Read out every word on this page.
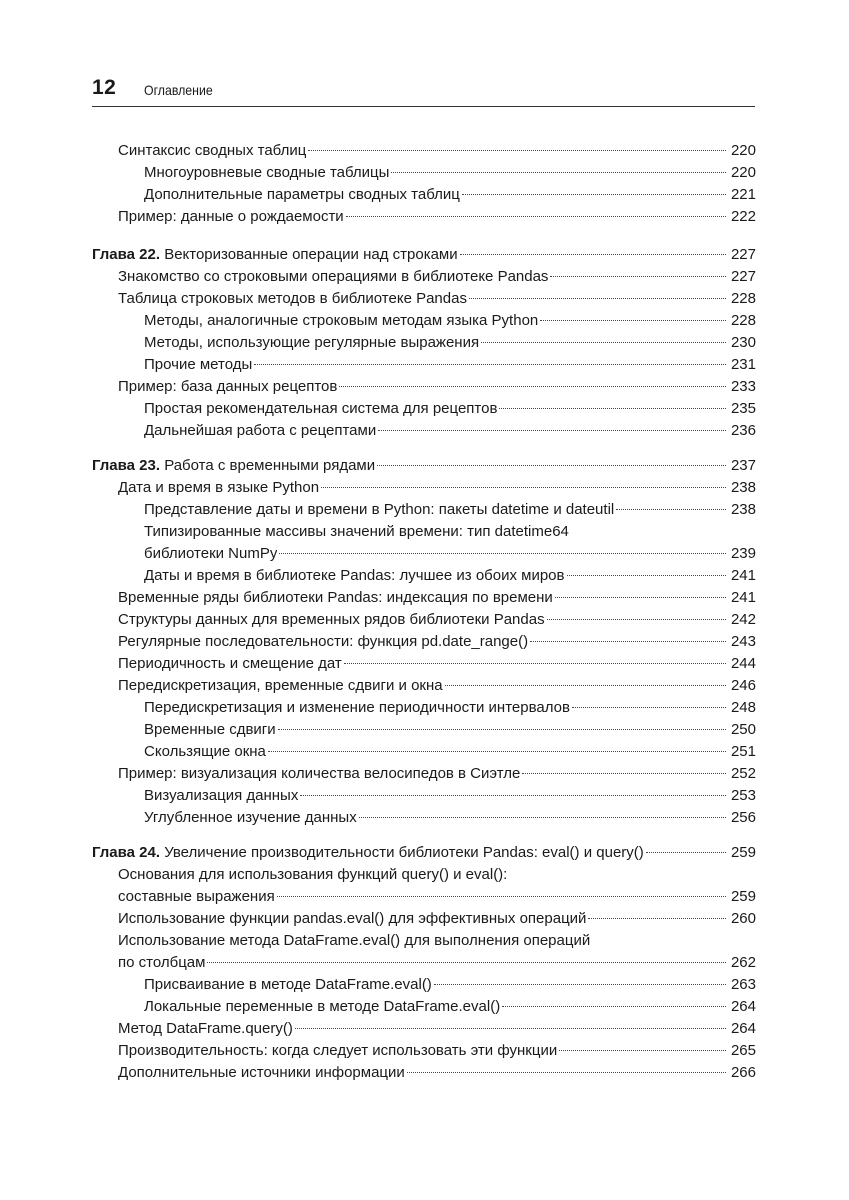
12 Оглавление
Синтаксис сводных таблиц	220
Многоуровневые сводные таблицы	220
Дополнительные параметры сводных таблиц	221
Пример: данные о рождаемости	222
Глава 22. Векторизованные операции над строками	227
Знакомство со строковыми операциями в библиотеке Pandas	227
Таблица строковых методов в библиотеке Pandas	228
Методы, аналогичные строковым методам языка Python	228
Методы, использующие регулярные выражения	230
Прочие методы	231
Пример: база данных рецептов	233
Простая рекомендательная система для рецептов	235
Дальнейшая работа с рецептами	236
Глава 23. Работа с временными рядами	237
Дата и время в языке Python	238
Представление даты и времени в Python: пакеты datetime и dateutil	238
Типизированные массивы значений времени: тип datetime64
библиотеки NumPy	239
Даты и время в библиотеке Pandas: лучшее из обоих миров	241
Временные ряды библиотеки Pandas: индексация по времени	241
Структуры данных для временных рядов библиотеки Pandas	242
Регулярные последовательности: функция pd.date_range()	243
Периодичность и смещение дат	244
Передискретизация, временные сдвиги и окна	246
Передискретизация и изменение периодичности интервалов	248
Временные сдвиги	250
Скользящие окна	251
Пример: визуализация количества велосипедов в Сиэтле	252
Визуализация данных	253
Углубленное изучение данных	256
Глава 24. Увеличение производительности библиотеки Pandas: eval() и query()	259
Основания для использования функций query() и eval():
составные выражения	259
Использование функции pandas.eval() для эффективных операций	260
Использование метода DataFrame.eval() для выполнения операций
по столбцам	262
Присваивание в методе DataFrame.eval()	263
Локальные переменные в методе DataFrame.eval()	264
Метод DataFrame.query()	264
Производительность: когда следует использовать эти функции	265
Дополнительные источники информации	266
